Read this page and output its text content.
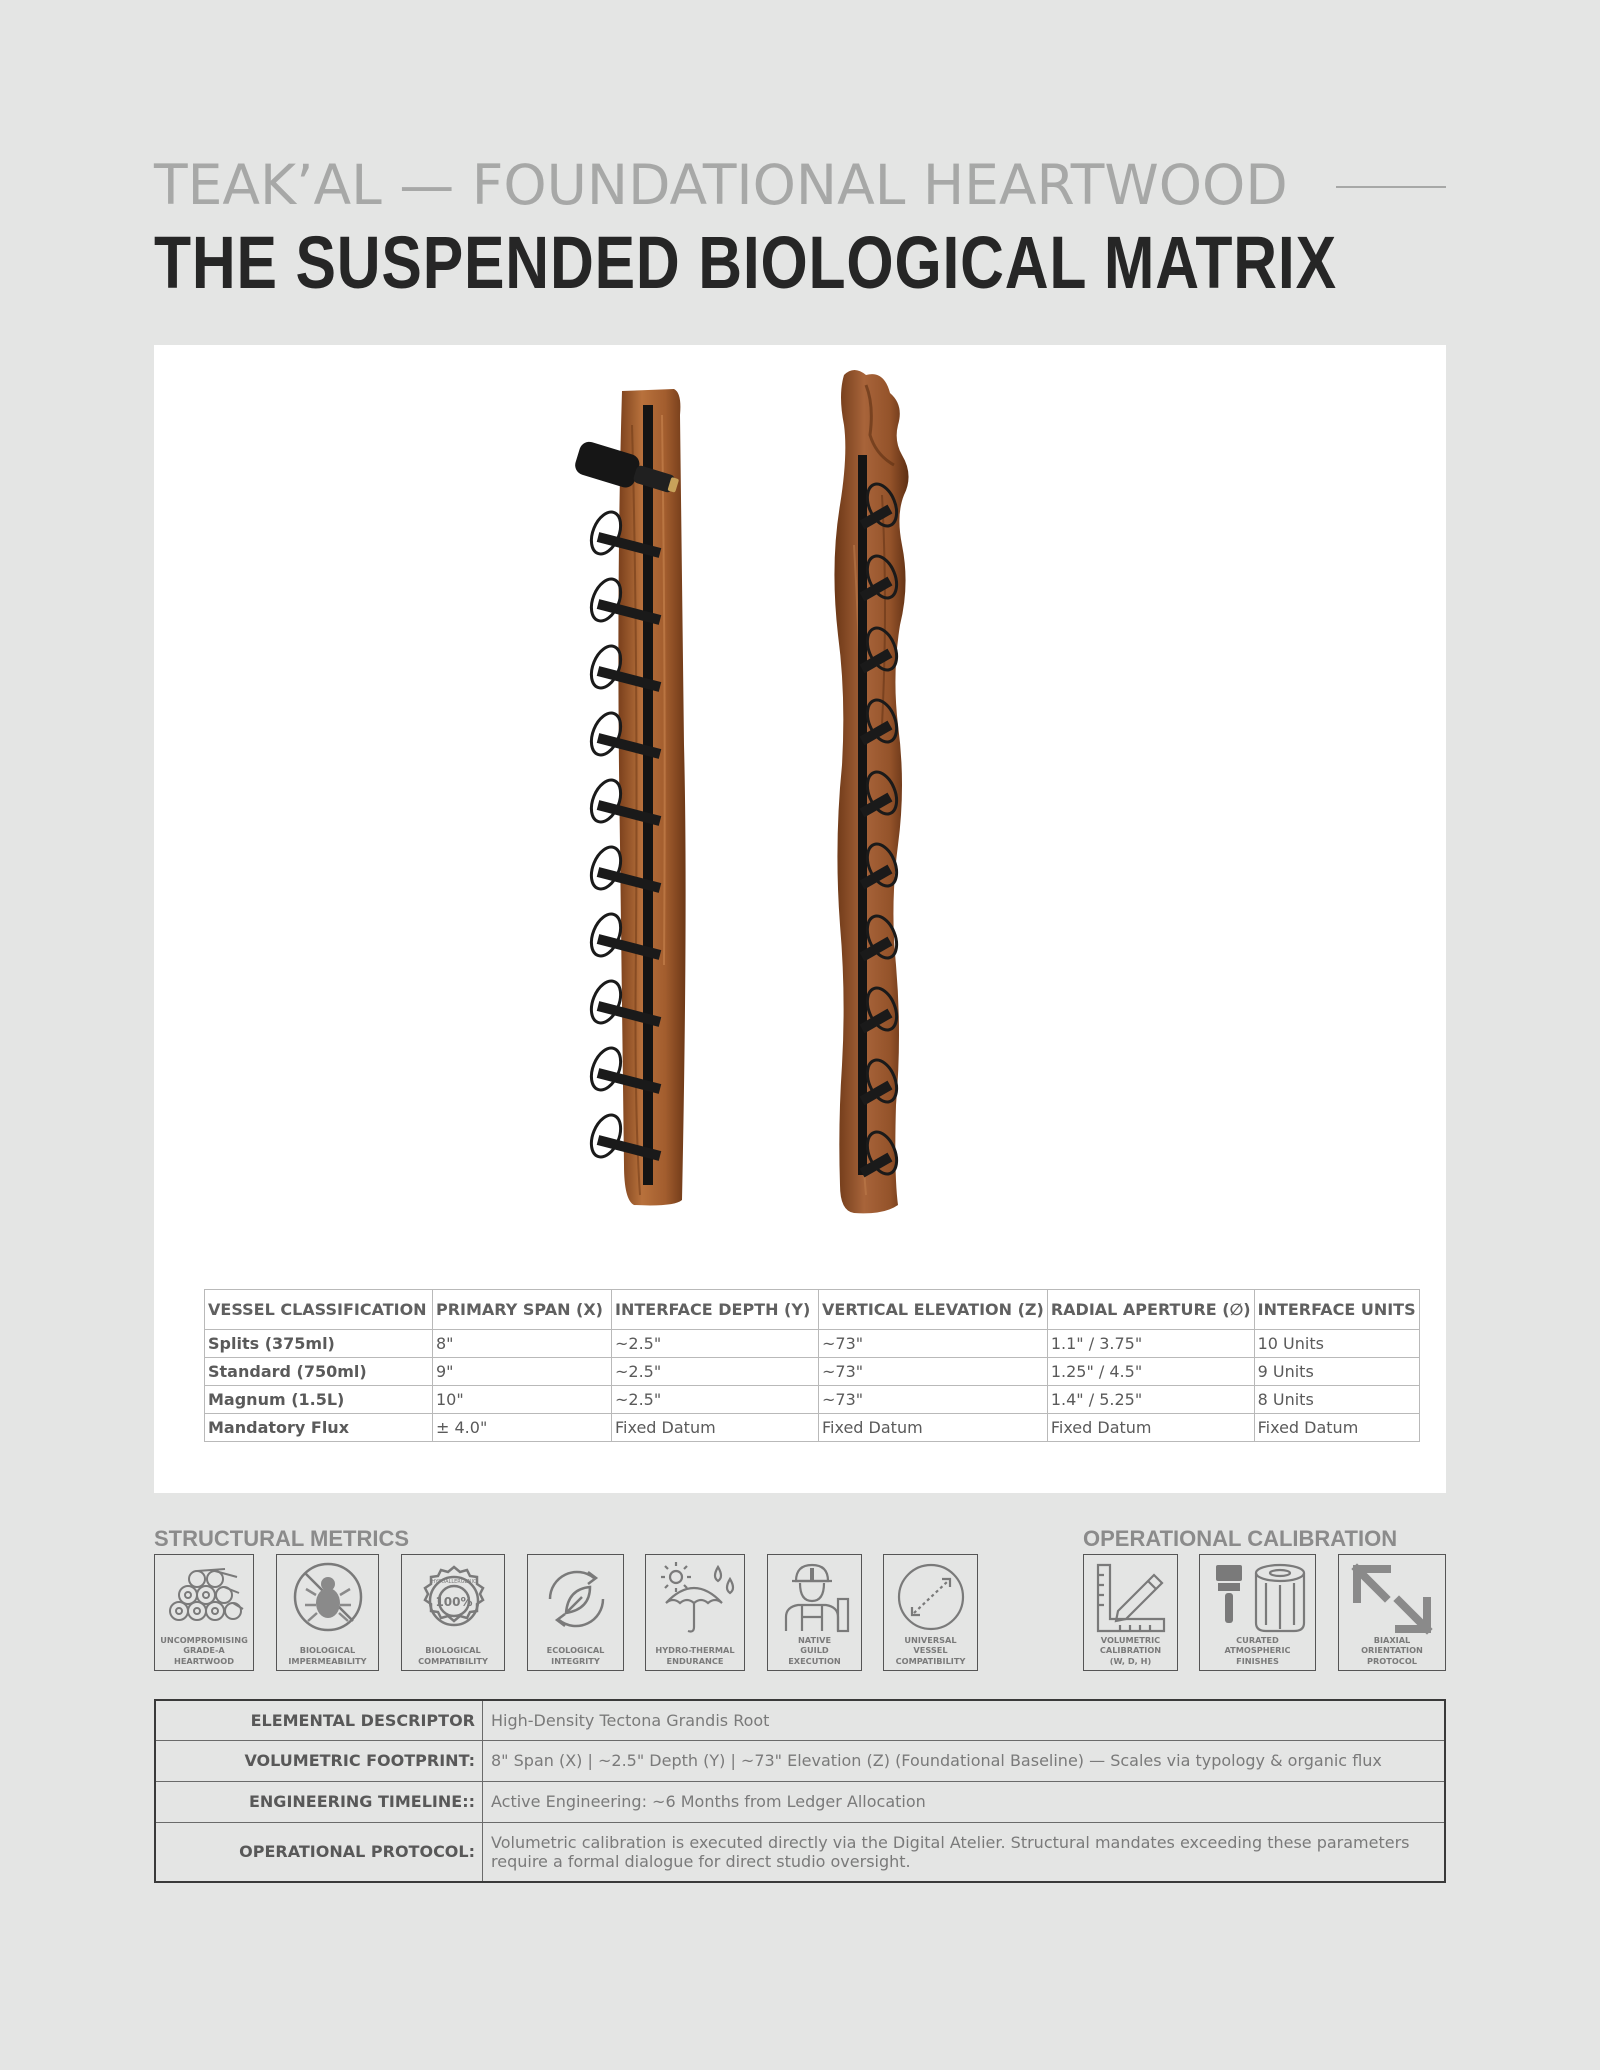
TEAK’AL — FOUNDATIONAL HEARTWOOD
THE SUSPENDED BIOLOGICAL MATRIX
VESSEL CLASSIFICATION	PRIMARY SPAN (X)	INTERFACE DEPTH (Y)	VERTICAL ELEVATION (Z)	RADIAL APERTURE (∅)	INTERFACE UNITS
Splits (375ml)	8"	~2.5"	~73"	1.1" / 3.75"	10 Units
Standard (750ml)	9"	~2.5"	~73"	1.25" / 4.5"	9 Units
Magnum (1.5L)	10"	~2.5"	~73"	1.4" / 5.25"	8 Units
Mandatory Flux	± 4.0"	Fixed Datum	Fixed Datum	Fixed Datum	Fixed Datum
STRUCTURAL METRICS	OPERATIONAL CALIBRATION
UNCOMPROMISING
GRADE-A
HEARTWOOD
BIOLOGICAL
IMPERMEABILITY
100%
HYPOALLERGENIC
BIOLOGICAL
COMPATIBILITY
ECOLOGICAL
INTEGRITY
HYDRO-THERMAL
ENDURANCE
NATIVE
GUILD
EXECUTION
UNIVERSAL
VESSEL
COMPATIBILITY
VOLUMETRIC
CALIBRATION
(W, D, H)
CURATED
ATMOSPHERIC
FINISHES
BIAXIAL
ORIENTATION
PROTOCOL
ELEMENTAL DESCRIPTOR	High-Density Tectona Grandis Root
VOLUMETRIC FOOTPRINT:	8" Span (X) | ~2.5" Depth (Y) | ~73" Elevation (Z) (Foundational Baseline) — Scales via typology & organic flux
ENGINEERING TIMELINE::	Active Engineering: ~6 Months from Ledger Allocation
OPERATIONAL PROTOCOL:	Volumetric calibration is executed directly via the Digital Atelier. Structural mandates exceeding these parameters require a formal dialogue for direct studio oversight.
